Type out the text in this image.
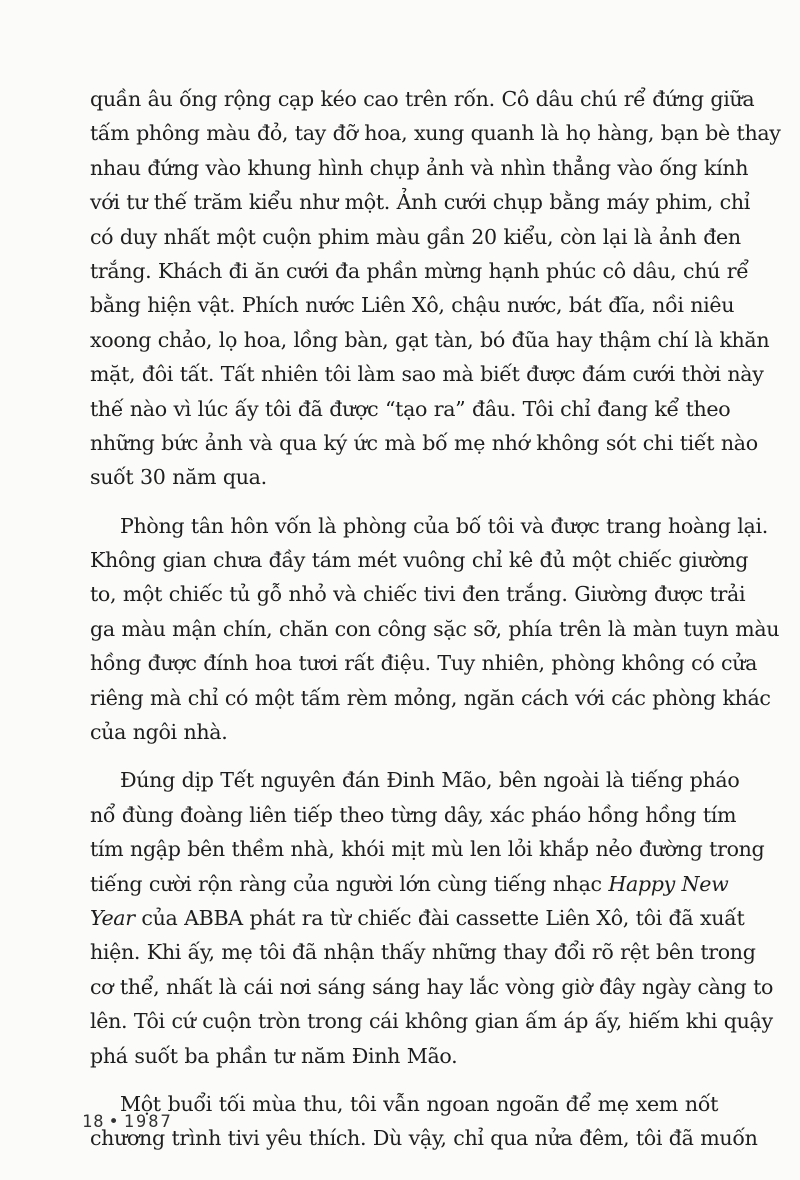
quần âu ống rộng cạp kéo cao trên rốn. Cô dâu chú rể đứng giữa
tấm phông màu đỏ, tay đỡ hoa, xung quanh là họ hàng, bạn bè thay
nhau đứng vào khung hình chụp ảnh và nhìn thẳng vào ống kính
với tư thế trăm kiểu như một. Ảnh cưới chụp bằng máy phim, chỉ
có duy nhất một cuộn phim màu gần 20 kiểu, còn lại là ảnh đen
trắng. Khách đi ăn cưới đa phần mừng hạnh phúc cô dâu, chú rể
bằng hiện vật. Phích nước Liên Xô, chậu nước, bát đĩa, nồi niêu
xoong chảo, lọ hoa, lồng bàn, gạt tàn, bó đũa hay thậm chí là khăn
mặt, đôi tất. Tất nhiên tôi làm sao mà biết được đám cưới thời này
thế nào vì lúc ấy tôi đã được “tạo ra” đâu. Tôi chỉ đang kể theo
những bức ảnh và qua ký ức mà bố mẹ nhớ không sót chi tiết nào
suốt 30 năm qua.
Phòng tân hôn vốn là phòng của bố tôi và được trang hoàng lại.
Không gian chưa đầy tám mét vuông chỉ kê đủ một chiếc giường
to, một chiếc tủ gỗ nhỏ và chiếc tivi đen trắng. Giường được trải
ga màu mận chín, chăn con công sặc sỡ, phía trên là màn tuyn màu
hồng được đính hoa tươi rất điệu. Tuy nhiên, phòng không có cửa
riêng mà chỉ có một tấm rèm mỏng, ngăn cách với các phòng khác
của ngôi nhà.
Đúng dịp Tết nguyên đán Đinh Mão, bên ngoài là tiếng pháo
nổ đùng đoàng liên tiếp theo từng dây, xác pháo hồng hồng tím
tím ngập bên thềm nhà, khói mịt mù len lỏi khắp nẻo đường trong
tiếng cười rộn ràng của người lớn cùng tiếng nhạc Happy New
Year của ABBA phát ra từ chiếc đài cassette Liên Xô, tôi đã xuất
hiện. Khi ấy, mẹ tôi đã nhận thấy những thay đổi rõ rệt bên trong
cơ thể, nhất là cái nơi sáng sáng hay lắc vòng giờ đây ngày càng to
lên. Tôi cứ cuộn tròn trong cái không gian ấm áp ấy, hiếm khi quậy
phá suốt ba phần tư năm Đinh Mão.
Một buổi tối mùa thu, tôi vẫn ngoan ngoãn để mẹ xem nốt
chương trình tivi yêu thích. Dù vậy, chỉ qua nửa đêm, tôi đã muốn
18 • 1987
